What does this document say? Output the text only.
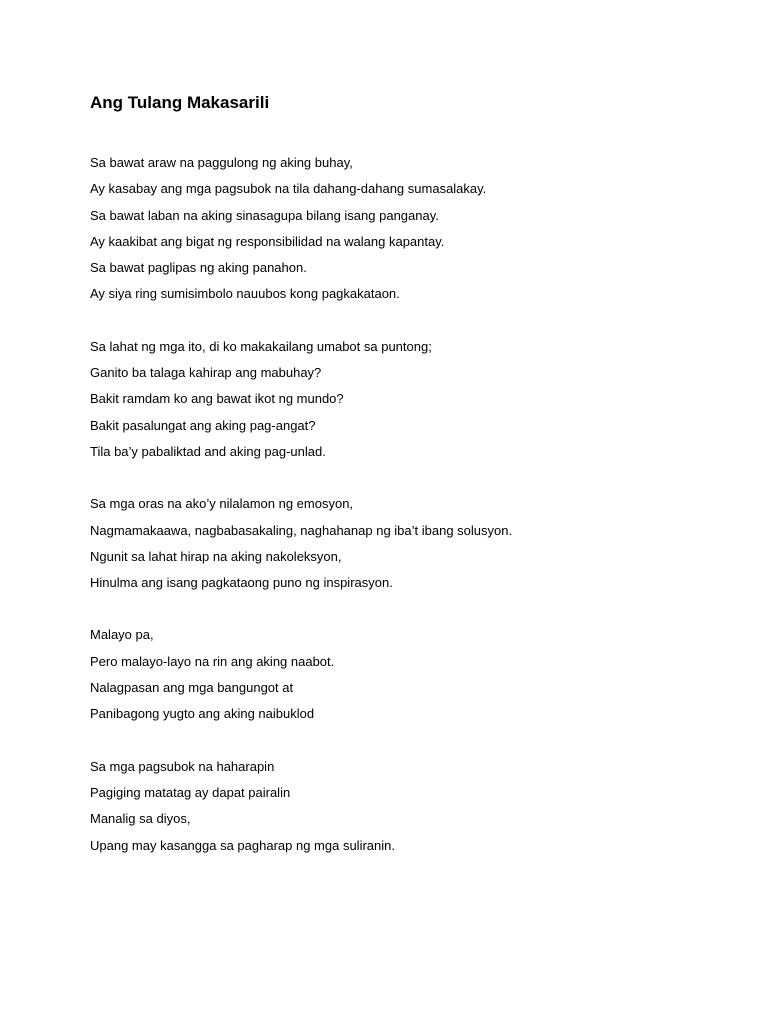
Ang Tulang Makasarili
Sa bawat araw na paggulong ng aking buhay,
Ay kasabay ang mga pagsubok na tila dahang-dahang sumasalakay.
Sa bawat laban na aking sinasagupa bilang isang panganay.
Ay kaakibat ang bigat ng responsibilidad na walang kapantay.
Sa bawat paglipas ng aking panahon.
Ay siya ring sumisimbolo nauubos kong pagkakataon.
Sa lahat ng mga ito, di ko makakailang umabot sa puntong;
Ganito ba talaga kahirap ang mabuhay?
Bakit ramdam ko ang bawat ikot ng mundo?
Bakit pasalungat ang aking pag-angat?
Tila ba’y pabaliktad and aking pag-unlad.
Sa mga oras na ako’y nilalamon ng emosyon,
Nagmamakaawa, nagbabasakaling, naghahanap ng iba’t ibang solusyon.
Ngunit sa lahat hirap na aking nakoleksyon,
Hinulma ang isang pagkataong puno ng inspirasyon.
Malayo pa,
Pero malayo-layo na rin ang aking naabot.
Nalagpasan ang mga bangungot at
Panibagong yugto ang aking naibuklod
Sa mga pagsubok na haharapin
Pagiging matatag ay dapat pairalin
Manalig sa diyos,
Upang may kasangga sa pagharap ng mga suliranin.
